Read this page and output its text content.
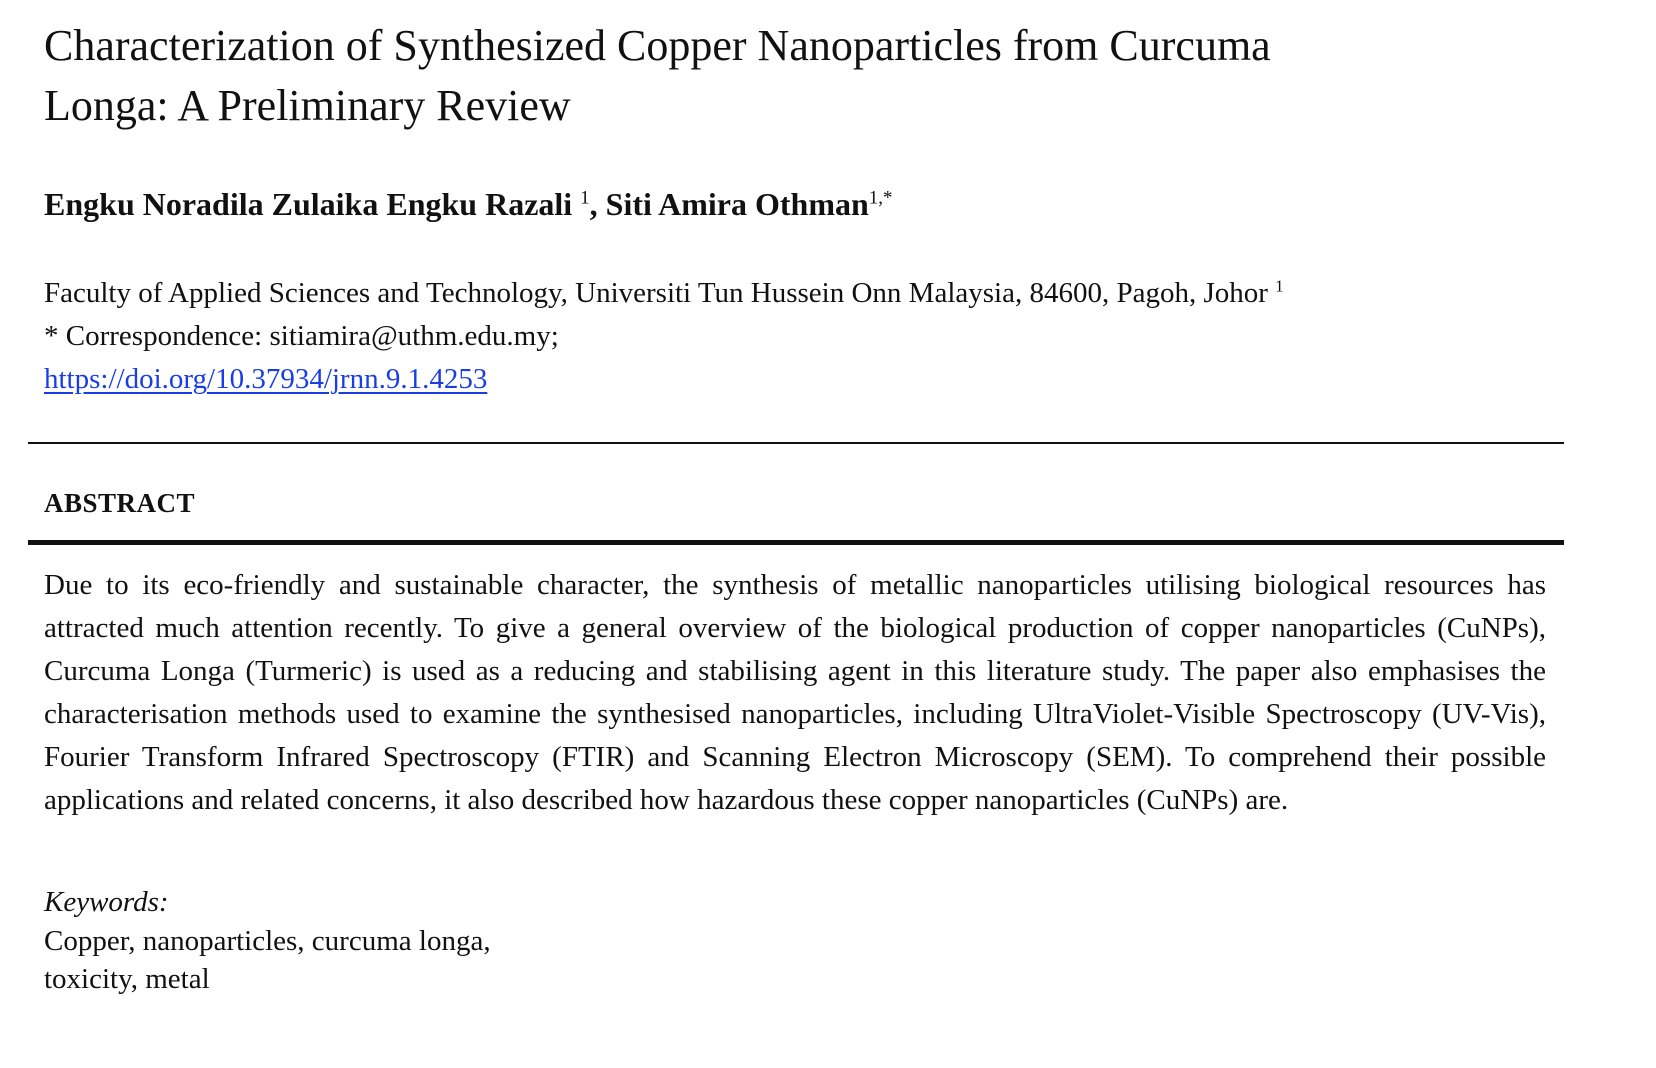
Characterization of Synthesized Copper Nanoparticles from Curcuma
Longa: A Preliminary Review
Engku Noradila Zulaika Engku Razali $^1$, Siti Amira Othman$^{1,*}$
Faculty of Applied Sciences and Technology, Universiti Tun Hussein Onn Malaysia, 84600, Pagoh, Johor $^1$
* Correspondence: sitiamira@uthm.edu.my;
https://doi.org/10.37934/jrnn.9.1.4253
ABSTRACT

Due to its eco-friendly and sustainable character, the synthesis of metallic nanoparticles utilising biological resources has attracted much attention recently. To give a general overview of the biological production of copper nanoparticles (CuNPs), Curcuma Longa (Turmeric) is used as a reducing and stabilising agent in this literature study. The paper also emphasises the characterisation methods used to examine the synthesised nanoparticles, including UltraViolet-Visible Spectroscopy (UV-Vis), Fourier Transform Infrared Spectroscopy (FTIR) and Scanning Electron Microscopy (SEM). To comprehend their possible applications and related concerns, it also described how hazardous these copper nanoparticles (CuNPs) are.

Keywords:
Copper, nanoparticles, curcuma longa,
toxicity, metal
